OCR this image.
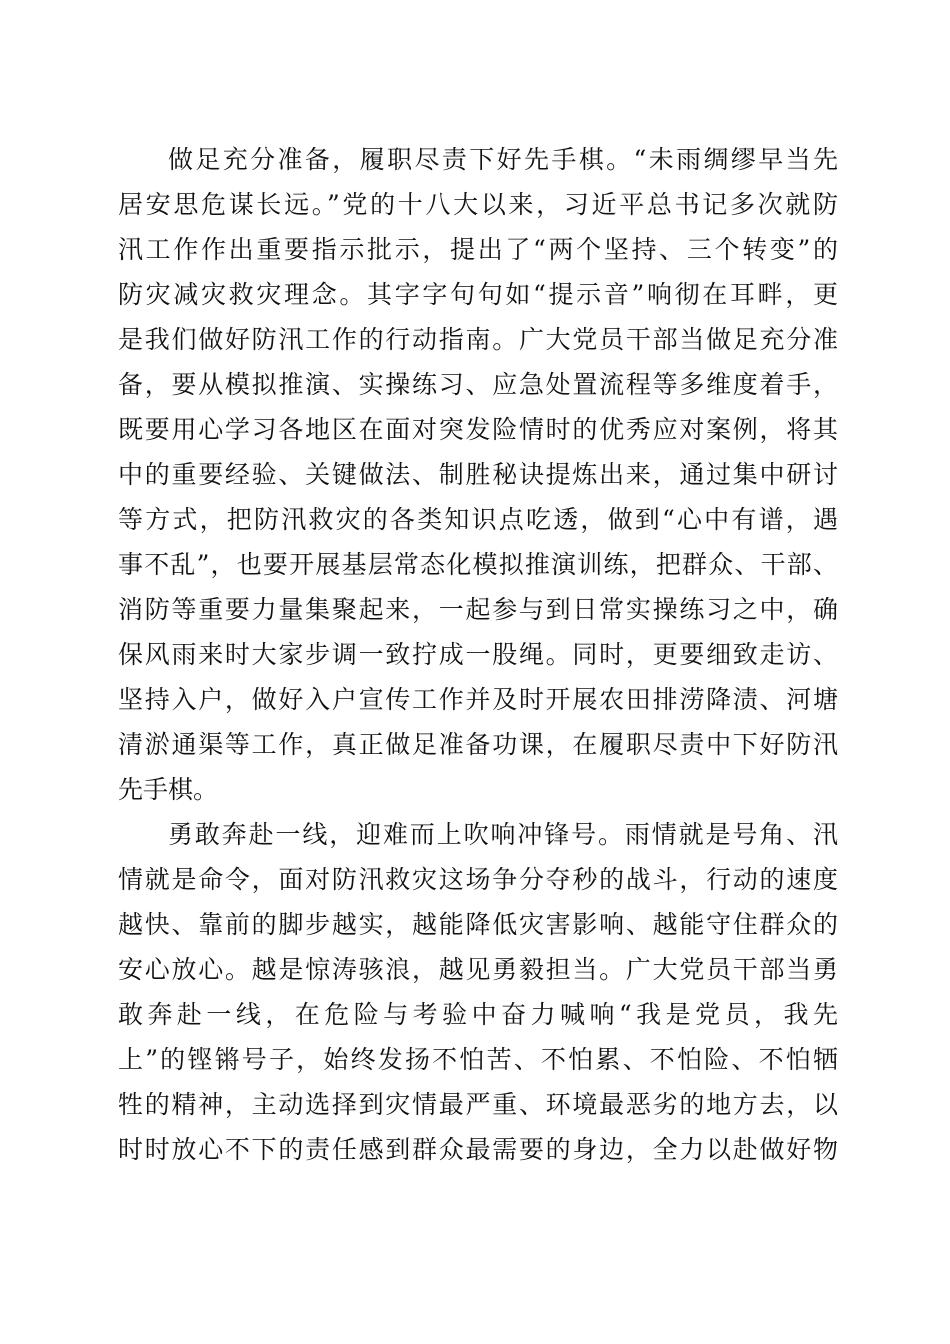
做足充分准备，履职尽责下好先手棋。“未雨绸缪早当先
居安思危谋长远。”党的十八大以来，习近平总书记多次就防
汛工作作出重要指示批示，提出了“两个坚持、三个转变”的
防灾减灾救灾理念。其字字句句如“提示音”响彻在耳畔，更
是我们做好防汛工作的行动指南。广大党员干部当做足充分准
备，要从模拟推演、实操练习、应急处置流程等多维度着手，
既要用心学习各地区在面对突发险情时的优秀应对案例，将其
中的重要经验、关键做法、制胜秘诀提炼出来，通过集中研讨
等方式，把防汛救灾的各类知识点吃透，做到“心中有谱，遇
事不乱”，也要开展基层常态化模拟推演训练，把群众、干部、
消防等重要力量集聚起来，一起参与到日常实操练习之中，确
保风雨来时大家步调一致拧成一股绳。同时，更要细致走访、
坚持入户，做好入户宣传工作并及时开展农田排涝降渍、河塘
清淤通渠等工作，真正做足准备功课，在履职尽责中下好防汛
先手棋。
勇敢奔赴一线，迎难而上吹响冲锋号。雨情就是号角、汛
情就是命令，面对防汛救灾这场争分夺秒的战斗，行动的速度
越快、靠前的脚步越实，越能降低灾害影响、越能守住群众的
安心放心。越是惊涛骇浪，越见勇毅担当。广大党员干部当勇
敢奔赴一线，在危险与考验中奋力喊响“我是党员，我先
上”的铿锵号子，始终发扬不怕苦、不怕累、不怕险、不怕牺
牲的精神，主动选择到灾情最严重、环境最恶劣的地方去，以
时时放心不下的责任感到群众最需要的身边，全力以赴做好物
